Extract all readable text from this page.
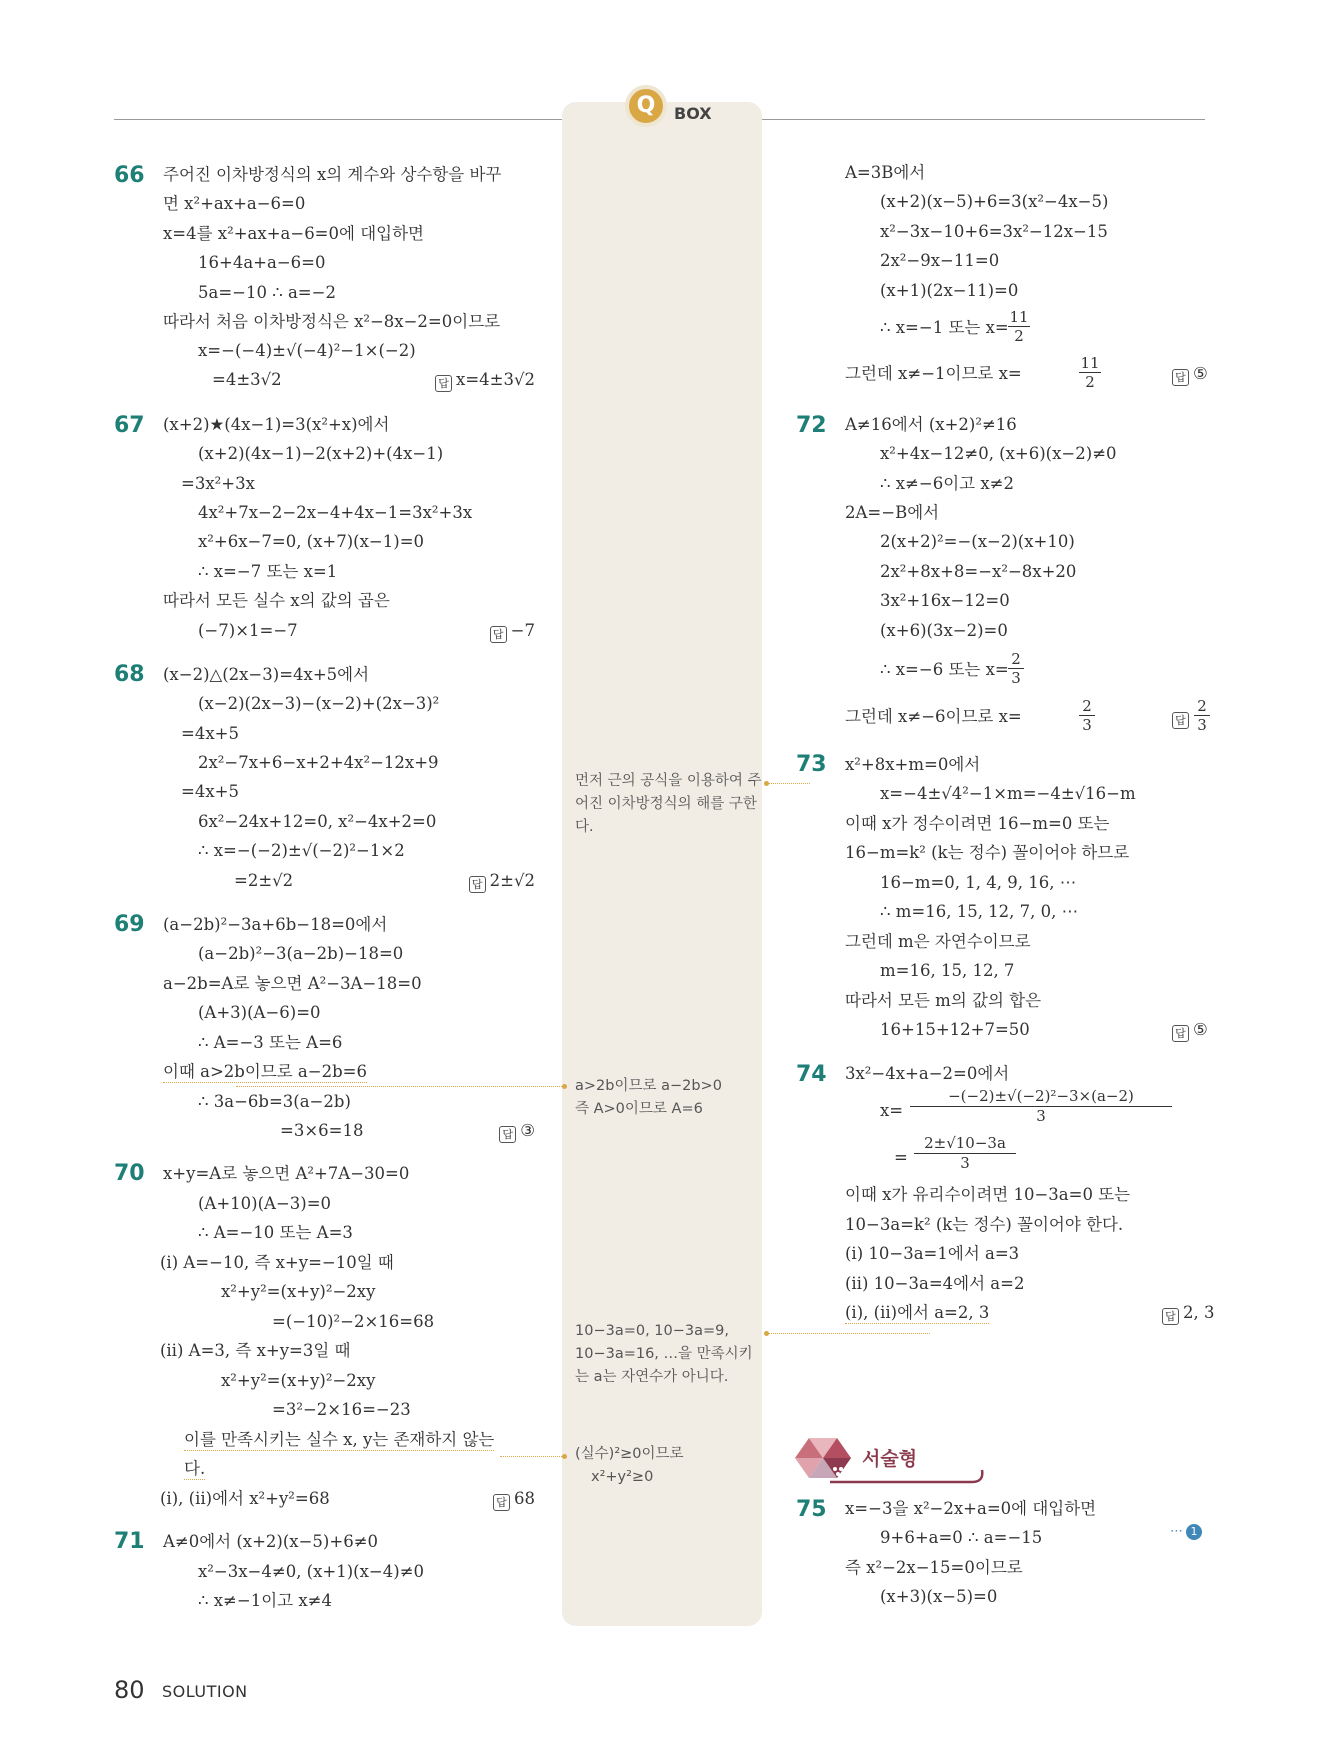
Q	BOX
66 주어진 이차방정식의 x의 계수와 상수항을 바꾸
면 x²+ax+a−6=0
x=4를 x²+ax+a−6=0에 대입하면
16+4a+a−6=0
5a=−10 ∴ a=−2
따라서 처음 이차방정식은 x²−8x−2=0이므로
x=−(−4)±√(−4)²−1×(−2)
=4±3√2	답 x=4±3√2
67 (x+2)★(4x−1)=3(x²+x)에서
(x+2)(4x−1)−2(x+2)+(4x−1)
=3x²+3x
4x²+7x−2−2x−4+4x−1=3x²+3x
x²+6x−7=0, (x+7)(x−1)=0
∴ x=−7 또는 x=1
따라서 모든 실수 x의 값의 곱은
(−7)×1=−7	답 −7
68 (x−2)△(2x−3)=4x+5에서
(x−2)(2x−3)−(x−2)+(2x−3)²
=4x+5
2x²−7x+6−x+2+4x²−12x+9
=4x+5
6x²−24x+12=0, x²−4x+2=0
∴ x=−(−2)±√(−2)²−1×2
=2±√2	답 2±√2
69 (a−2b)²−3a+6b−18=0에서
(a−2b)²−3(a−2b)−18=0
a−2b=A로 놓으면 A²−3A−18=0
(A+3)(A−6)=0
∴ A=−3 또는 A=6
이때 a>2b이므로 a−2b=6
∴ 3a−6b=3(a−2b)
=3×6=18	답 ③
70 x+y=A로 놓으면 A²+7A−30=0
(A+10)(A−3)=0
∴ A=−10 또는 A=3
(ⅰ) A=−10, 즉 x+y=−10일 때
x²+y²=(x+y)²−2xy
=(−10)²−2×16=68
(ⅱ) A=3, 즉 x+y=3일 때
x²+y²=(x+y)²−2xy
=3²−2×16=−23
이를 만족시키는 실수 x, y는 존재하지 않는
다.
(ⅰ), (ⅱ)에서 x²+y²=68	답 68
71 A≠0에서 (x+2)(x−5)+6≠0
x²−3x−4≠0, (x+1)(x−4)≠0
∴ x≠−1이고 x≠4
먼저 근의 공식을 이용하여 주어진 이차방정식의 해를 구한다.
a>2b이므로 a−2b>0
즉 A>0이므로 A=6
10−3a=0, 10−3a=9, 10−3a=16, …을 만족시키는 a는 자연수가 아니다.
(실수)²≥0이므로
x²+y²≥0
A=3B에서
(x+2)(x−5)+6=3(x²−4x−5)
x²−3x−10+6=3x²−12x−15
2x²−9x−11=0
(x+1)(2x−11)=0
∴ x=−1 또는 $x= \frac{11}{2}$
그런데 x≠−1이므로 x=	$\frac{11}{2}$	답 ⑤
72 A≠16에서 (x+2)²≠16
x²+4x−12≠0, (x+6)(x−2)≠0
∴ x≠−6이고 x≠2
2A=−B에서
2(x+2)²=−(x−2)(x+10)
2x²+8x+8=−x²−8x+20
3x²+16x−12=0
(x+6)(3x−2)=0
∴ x=−6 또는 $x= \frac{2}{3}$
그런데 x≠−6이므로 x=	$\frac{2}{3}$	답 $\frac{2}{3}$
73 x²+8x+m=0에서
x=−4±√4²−1×m=−4±√16−m
이때 x가 정수이려면 16−m=0 또는
16−m=k² (k는 정수) 꼴이어야 하므로
16−m=0, 1, 4, 9, 16, ⋯
∴ m=16, 15, 12, 7, 0, ⋯
그런데 m은 자연수이므로
m=16, 15, 12, 7
따라서 모든 m의 값의 합은
16+15+12+7=50	답 ⑤
74 3x²−4x+a−2=0에서
$x= \frac{\text{−(−2)±√(−2)²−3×(a−2)}}{3}$
= $\frac{2\pm√10-3a}{3}$
이때 x가 유리수이려면 10−3a=0 또는
10−3a=k² (k는 정수) 꼴이어야 한다.
(ⅰ) 10−3a=1에서 a=3
(ⅱ) 10−3a=4에서 a=2
(ⅰ), (ⅱ)에서 a=2, 3	답 2, 3
서술형
75 x=−3을 x²−2x+a=0에 대입하면
9+6+a=0 ∴ a=−15	⋯ 1
즉 x²−2x−15=0이므로
(x+3)(x−5)=0
80 SOLUTION
